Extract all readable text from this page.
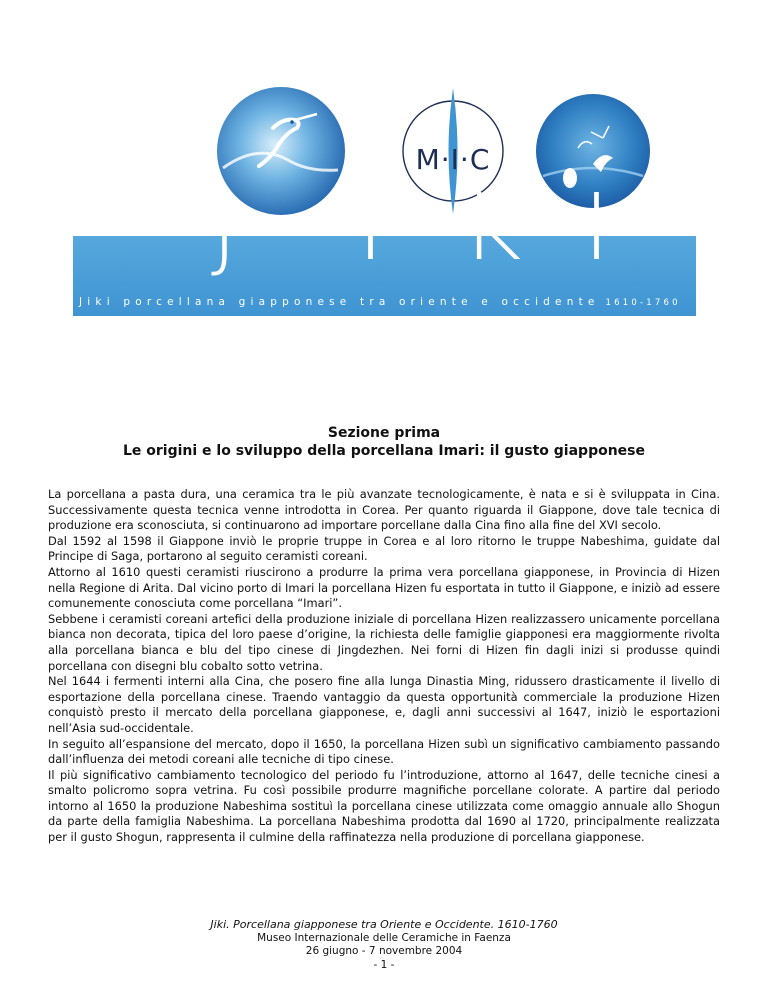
M·I·C
J I K I
Jiki porcellana giapponese tra oriente e occidente 1610-1760
Sezione prima
Le origini e lo sviluppo della porcellana Imari: il gusto giapponese

La porcellana a pasta dura, una ceramica tra le più avanzate tecnologicamente, è nata e si è sviluppata in Cina. Successivamente questa tecnica venne introdotta in Corea. Per quanto riguarda il Giappone, dove tale tecnica di produzione era sconosciuta, si continuarono ad importare porcellane dalla Cina fino alla fine del XVI secolo.

Dal 1592 al 1598 il Giappone inviò le proprie truppe in Corea e al loro ritorno le truppe Nabeshima, guidate dal Principe di Saga, portarono al seguito ceramisti coreani.

Attorno al 1610 questi ceramisti riuscirono a produrre la prima vera porcellana giapponese, in Provincia di Hizen nella Regione di Arita. Dal vicino porto di Imari la porcellana Hizen fu esportata in tutto il Giappone, e iniziò ad essere comunemente conosciuta come porcellana “Imari”.

Sebbene i ceramisti coreani artefici della produzione iniziale di porcellana Hizen realizzassero unicamente porcellana bianca non decorata, tipica del loro paese d’origine, la richiesta delle famiglie giapponesi era maggiormente rivolta alla porcellana bianca e blu del tipo cinese di Jingdezhen. Nei forni di Hizen fin dagli inizi si produsse quindi porcellana con disegni blu cobalto sotto vetrina.

Nel 1644 i fermenti interni alla Cina, che posero fine alla lunga Dinastia Ming, ridussero drasticamente il livello di esportazione della porcellana cinese. Traendo vantaggio da questa opportunità commerciale la produzione Hizen conquistò presto il mercato della porcellana giapponese, e, dagli anni successivi al 1647, iniziò le esportazioni nell’Asia sud-occidentale.

In seguito all’espansione del mercato, dopo il 1650, la porcellana Hizen subì un significativo cambiamento passando dall’influenza dei metodi coreani alle tecniche di tipo cinese.

Il più significativo cambiamento tecnologico del periodo fu l’introduzione, attorno al 1647, delle tecniche cinesi a smalto policromo sopra vetrina. Fu così possibile produrre magnifiche porcellane colorate. A partire dal periodo intorno al 1650 la produzione Nabeshima sostituì la porcellana cinese utilizzata come omaggio annuale allo Shogun da parte della famiglia Nabeshima. La porcellana Nabeshima prodotta dal 1690 al 1720, principalmente realizzata per il gusto Shogun, rappresenta il culmine della raffinatezza nella produzione di porcellana giapponese.

Jiki. Porcellana giapponese tra Oriente e Occidente. 1610-1760
Museo Internazionale delle Ceramiche in Faenza
26 giugno - 7 novembre 2004
- 1 -
